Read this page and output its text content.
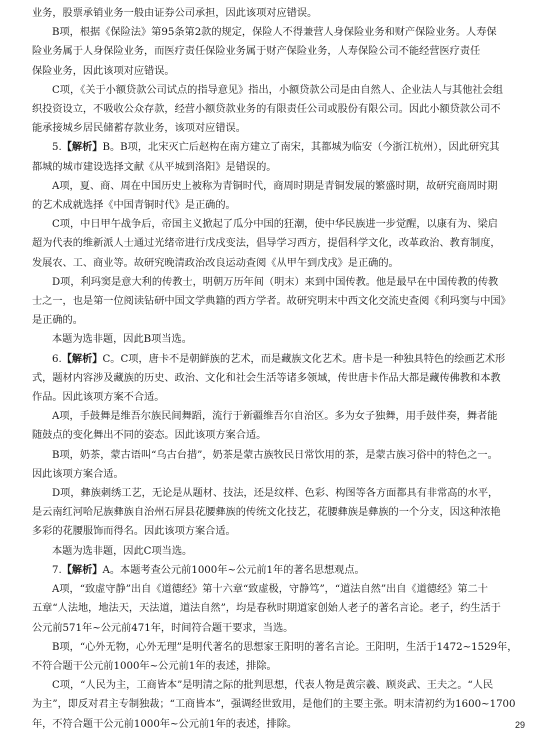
业务，股票承销业务一般由证券公司承担，因此该项对应错误。
B项，根据《保险法》第95条第2款的规定，保险人不得兼营人身保险业务和财产保险业务。人寿保
险业务属于人身保险业务，而医疗责任保险业务属于财产保险业务，人寿保险公司不能经营医疗责任
保险业务，因此该项对应错误。
C项，《关于小额贷款公司试点的指导意见》指出，小额贷款公司是由自然人、企业法人与其他社会组
织投资设立，不吸收公众存款，经营小额贷款业务的有限责任公司或股份有限公司。因此小额贷款公司不
能承接城乡居民储蓄存款业务，该项对应错误。
5.【解析】B。B项，北宋灭亡后赵构在南方建立了南宋，其都城为临安（今浙江杭州），因此研究其
都城的城市建设选择文献《从平城到洛阳》是错误的。
A项，夏、商、周在中国历史上被称为青铜时代，商周时期是青铜发展的繁盛时期，故研究商周时期
的艺术成就选择《中国青铜时代》是正确的。
C项，中日甲午战争后，帝国主义掀起了瓜分中国的狂潮，使中华民族进一步觉醒，以康有为、梁启
超为代表的维新派人士通过光绪帝进行戊戌变法，倡导学习西方，提倡科学文化，改革政治、教育制度，
发展农、工、商业等。故研究晚清政治改良运动查阅《从甲午到戊戌》是正确的。
D项，利玛窦是意大利的传教士，明朝万历年间（明末）来到中国传教。他是最早在中国传教的传教
士之一，也是第一位阅读钻研中国文学典籍的西方学者。故研究明末中西文化交流史查阅《利玛窦与中国》
是正确的。
本题为选非题，因此B项当选。
6.【解析】C。C项，唐卡不是朝鲜族的艺术，而是藏族文化艺术。唐卡是一种独具特色的绘画艺术形
式，题材内容涉及藏族的历史、政治、文化和社会生活等诸多领域，传世唐卡作品大都是藏传佛教和本教
作品。因此该项方案不合适。
A项，手鼓舞是维吾尔族民间舞蹈，流行于新疆维吾尔自治区。多为女子独舞，用手鼓伴奏，舞者能
随鼓点的变化舞出不同的姿态。因此该项方案合适。
B项，奶茶，蒙古语叫“乌古台措”，奶茶是蒙古族牧民日常饮用的茶，是蒙古族习俗中的特色之一。
因此该项方案合适。
D项，彝族刺绣工艺，无论是从题材、技法，还是纹样、色彩、构图等各方面都具有非常高的水平，
是云南红河哈尼族彝族自治州石屏县花腰彝族的传统文化技艺，花腰彝族是彝族的一个分支，因这种浓艳
多彩的花腰服饰而得名。因此该项方案合适。
本题为选非题，因此C项当选。
7.【解析】A。本题考查公元前1000年~公元前1年的著名思想观点。
A项，“致虚守静”出自《道德经》第十六章“致虚极，守静笃”，“道法自然”出自《道德经》第二十
五章“人法地，地法天，天法道，道法自然”，均是春秋时期道家创始人老子的著名言论。老子，约生活于
公元前571年~公元前471年，时间符合题干要求，当选。
B项，“心外无物，心外无理”是明代著名的思想家王阳明的著名言论。王阳明，生活于1472~1529年，
不符合题干公元前1000年~公元前1年的表述，排除。
C项，“人民为主，工商皆本”是明清之际的批判思想，代表人物是黄宗羲、顾炎武、王夫之。“人民
为主”，即反对君主专制独裁；“工商皆本”，强调经世致用，是他们的主要主张。明末清初约为1600~1700
年，不符合题干公元前1000年~公元前1年的表述，排除。	29
